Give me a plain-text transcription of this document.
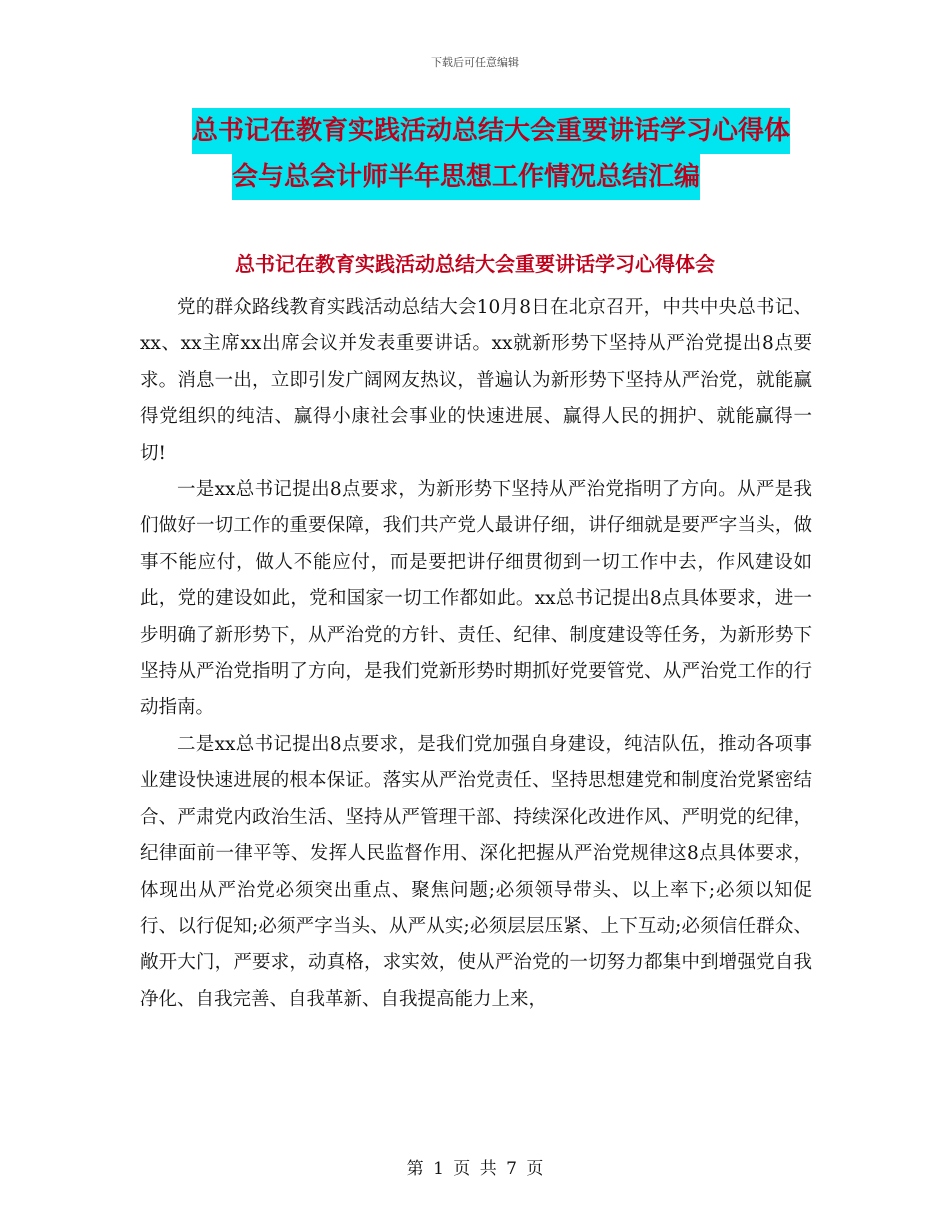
下载后可任意编辑
总书记在教育实践活动总结大会重要讲话学习心得体
会与总会计师半年思想工作情况总结汇编
总书记在教育实践活动总结大会重要讲话学习心得体会

党的群众路线教育实践活动总结大会10月8日在北京召开，中共中央总书记、xx、xx主席xx出席会议并发表重要讲话。xx就新形势下坚持从严治党提出8点要求。消息一出，立即引发广阔网友热议，普遍认为新形势下坚持从严治党，就能赢得党组织的纯洁、赢得小康社会事业的快速进展、赢得人民的拥护、就能赢得一切!

一是xx总书记提出8点要求，为新形势下坚持从严治党指明了方向。从严是我们做好一切工作的重要保障，我们共产党人最讲仔细，讲仔细就是要严字当头，做事不能应付，做人不能应付，而是要把讲仔细贯彻到一切工作中去，作风建设如此，党的建设如此，党和国家一切工作都如此。xx总书记提出8点具体要求，进一步明确了新形势下，从严治党的方针、责任、纪律、制度建设等任务，为新形势下坚持从严治党指明了方向，是我们党新形势时期抓好党要管党、从严治党工作的行动指南。

二是xx总书记提出8点要求，是我们党加强自身建设，纯洁队伍，推动各项事业建设快速进展的根本保证。落实从严治党责任、坚持思想建党和制度治党紧密结合、严肃党内政治生活、坚持从严管理干部、持续深化改进作风、严明党的纪律，纪律面前一律平等、发挥人民监督作用、深化把握从严治党规律这8点具体要求，体现出从严治党必须突出重点、聚焦问题;必须领导带头、以上率下;必须以知促行、以行促知;必须严字当头、从严从实;必须层层压紧、上下互动;必须信任群众、敞开大门，严要求，动真格，求实效，使从严治党的一切努力都集中到增强党自我净化、自我完善、自我革新、自我提高能力上来，

第 1 页 共 7 页
